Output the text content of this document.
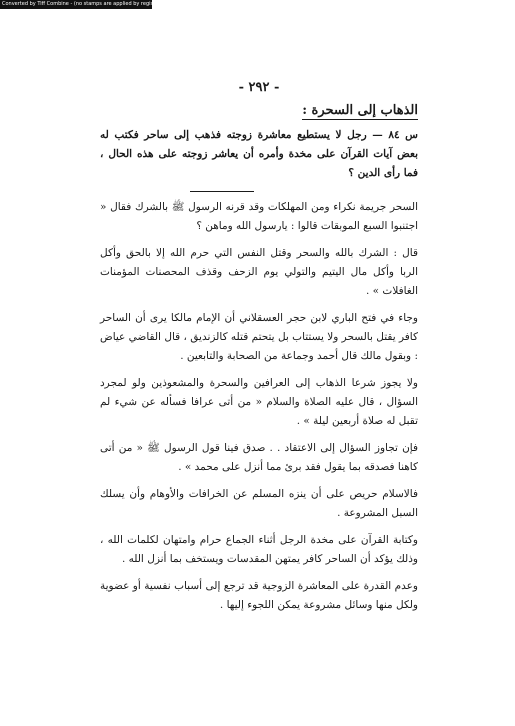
Converted by Tiff Combine - (no stamps are applied by registered version)
- ٢٩٢ -
الذهاب إلى السحرة :

س ٨٤ — رجل لا يستطيع معاشرة زوجته فذهب إلى ساحر فكتب له بعض آيات القرآن على مخدة وأمره أن يعاشر زوجته على هذه الحال ، فما رأى الدين ؟

السحر جريمة نكراء ومن المهلكات وقد قرنه الرسول ﷺ بالشرك فقال « اجتنبوا السبع الموبقات قالوا : يارسول الله وماهن ؟

قال : الشرك بالله والسحر وقتل النفس التي حرم الله إلا بالحق وأكل الربا وأكل مال اليتيم والتولي يوم الزحف وقذف المحصنات المؤمنات الغافلات » .

وجاء في فتح الباري لابن حجر العسقلاني أن الإمام مالكا يرى أن الساحر كافر يقتل بالسحر ولا يستتاب بل يتحتم قتله كالزنديق ، قال القاضي عياض : وبقول مالك قال أحمد وجماعة من الصحابة والتابعين .

ولا يجوز شرعا الذهاب إلى العرافين والسحرة والمشعوذين ولو لمجرد السؤال ، قال عليه الصلاة والسلام « من أتى عرافا فسأله عن شيء لم تقبل له صلاة أربعين ليلة » .

فإن تجاوز السؤال إلى الاعتقاد . . صدق فينا قول الرسول ﷺ « من أتى كاهنا فصدقه بما يقول فقد برئ مما أنزل على محمد » .

فالاسلام حريص على أن ينزه المسلم عن الخرافات والأوهام وأن يسلك السبل المشروعة .

وكتابة القرآن على مخدة الرجل أثناء الجماع حرام وامتهان لكلمات الله ، وذلك يؤكد أن الساحر كافر يمتهن المقدسات ويستخف بما أنزل الله .

وعدم القدرة على المعاشرة الزوجية قد ترجع إلى أسباب نفسية أو عضوية ولكل منها وسائل مشروعة يمكن اللجوء إليها .
